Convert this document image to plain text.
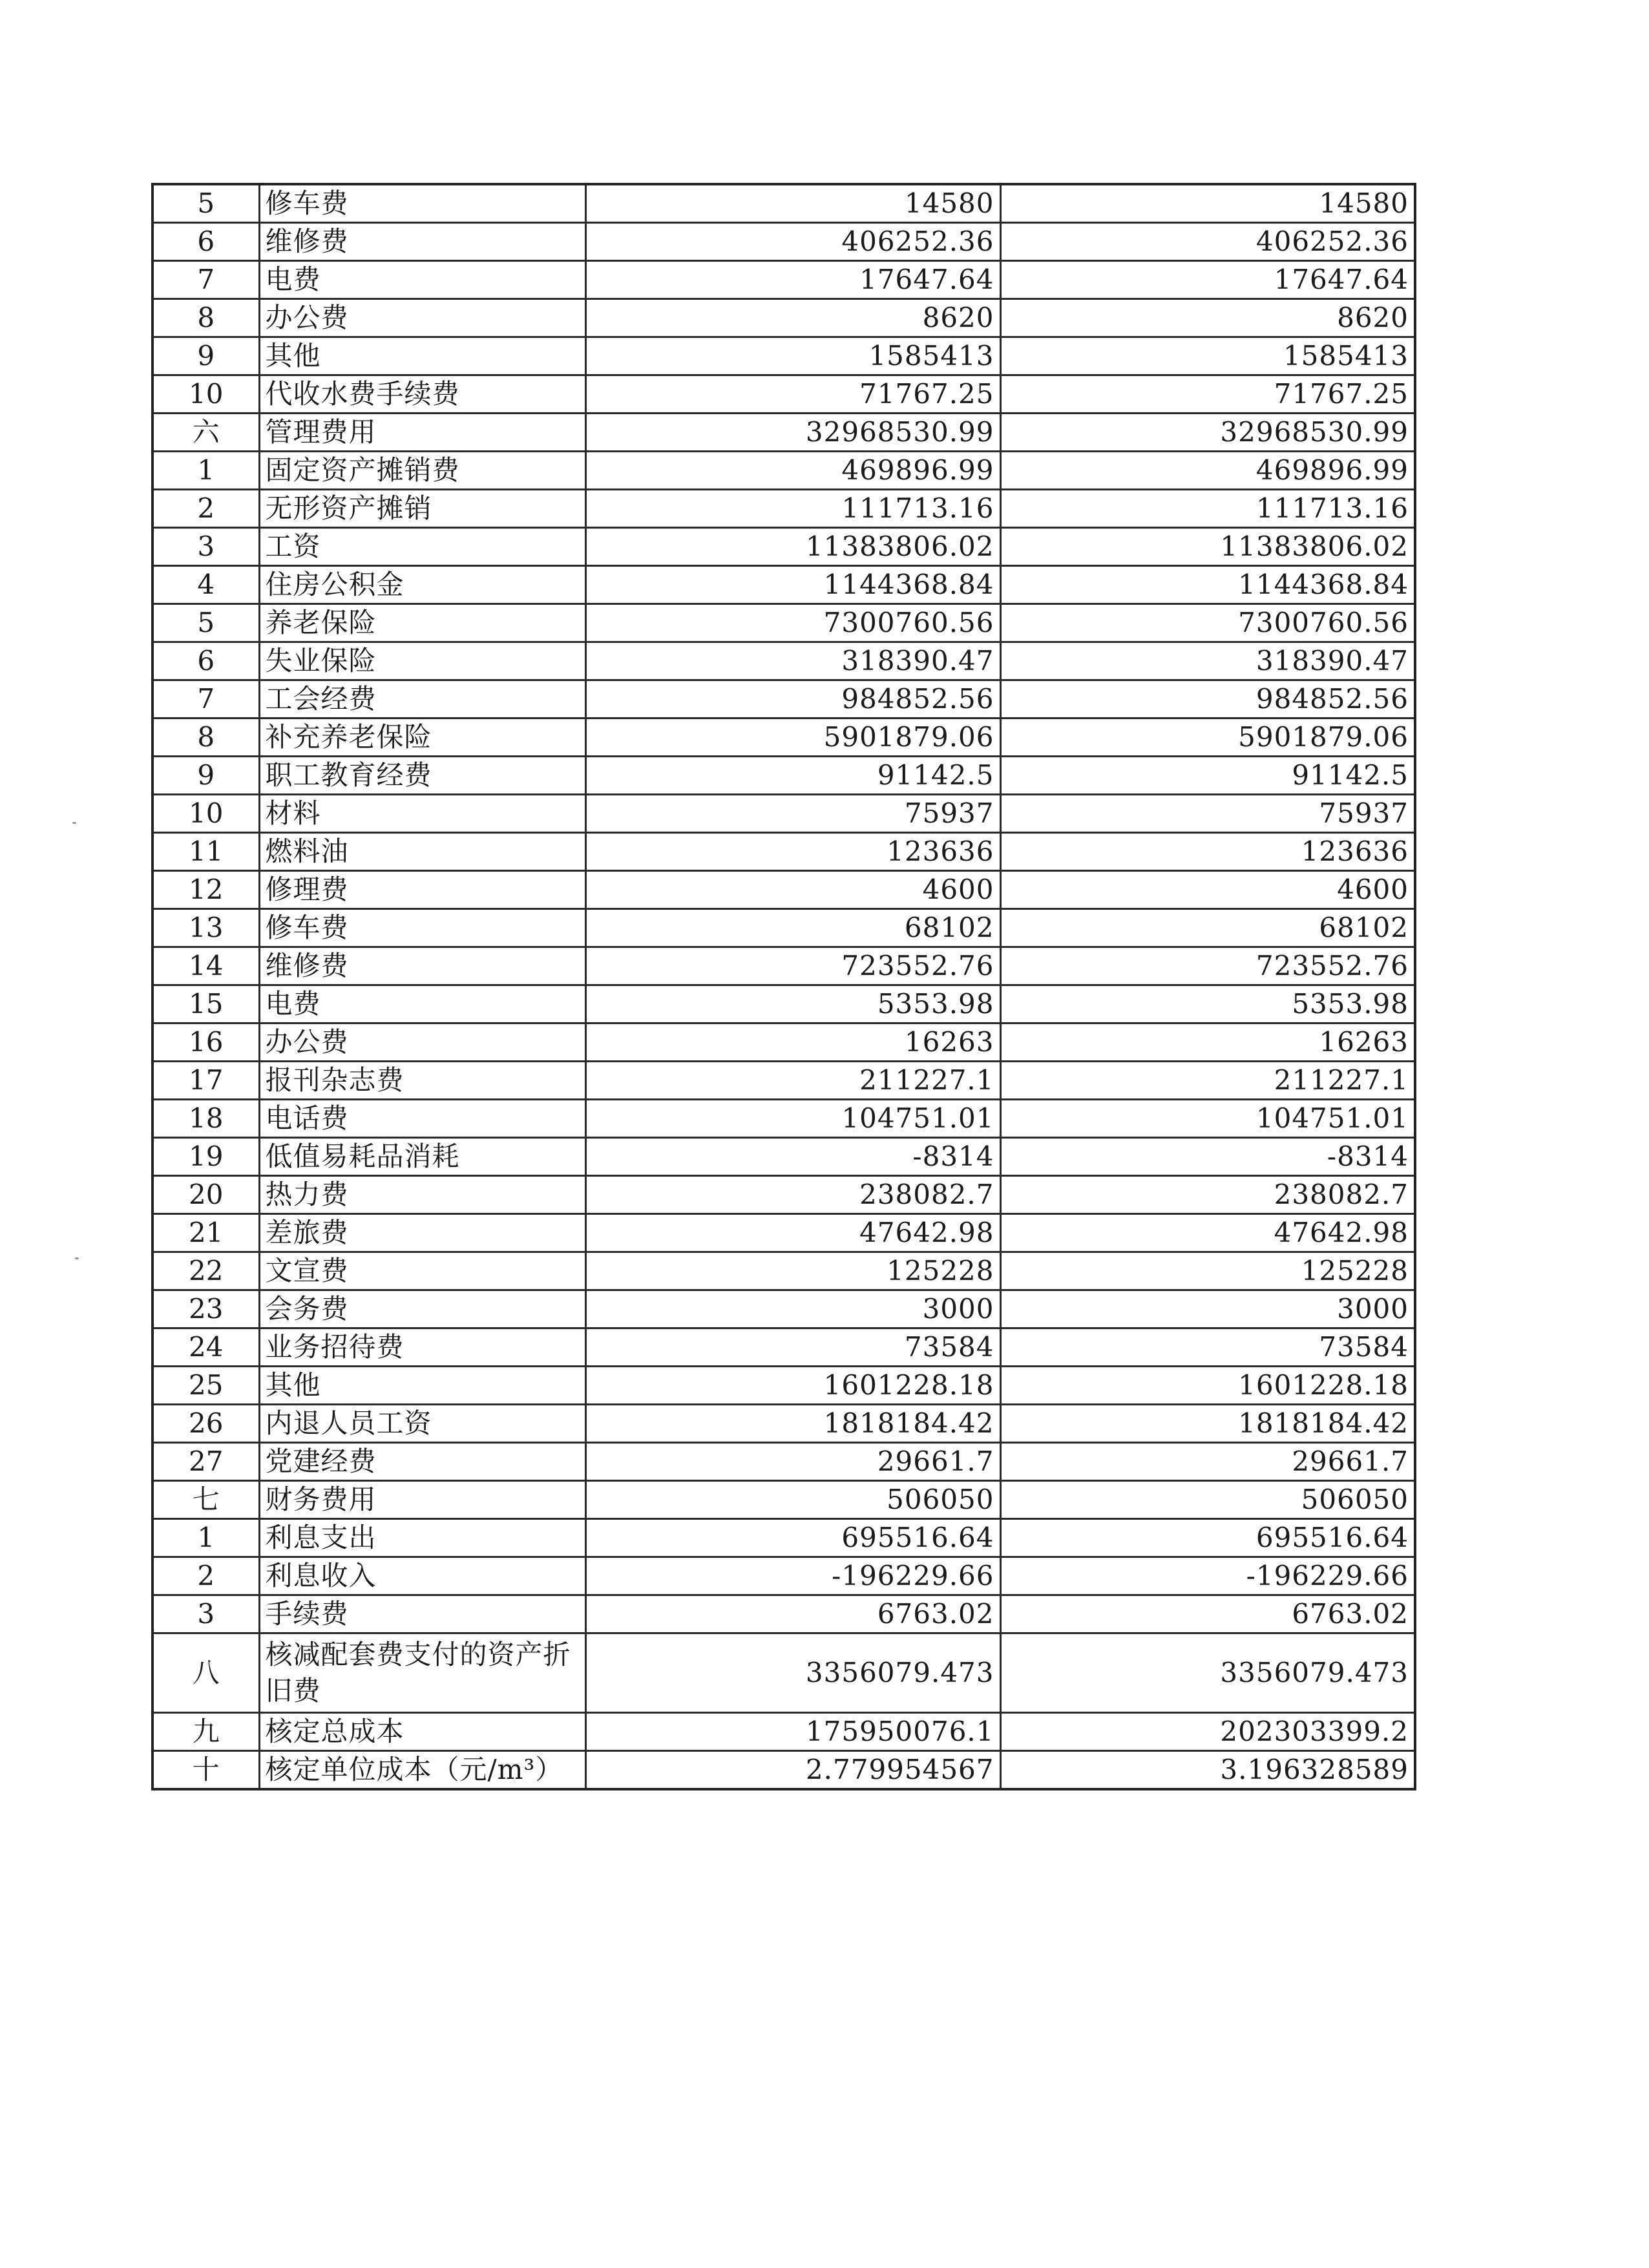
5	修车费	14580	14580
6	维修费	406252.36	406252.36
7	电费	17647.64	17647.64
8	办公费	8620	8620
9	其他	1585413	1585413
10	代收水费手续费	71767.25	71767.25
六	管理费用	32968530.99	32968530.99
1	固定资产摊销费	469896.99	469896.99
2	无形资产摊销	111713.16	111713.16
3	工资	11383806.02	11383806.02
4	住房公积金	1144368.84	1144368.84
5	养老保险	7300760.56	7300760.56
6	失业保险	318390.47	318390.47
7	工会经费	984852.56	984852.56
8	补充养老保险	5901879.06	5901879.06
9	职工教育经费	91142.5	91142.5
10	材料	75937	75937
11	燃料油	123636	123636
12	修理费	4600	4600
13	修车费	68102	68102
14	维修费	723552.76	723552.76
15	电费	5353.98	5353.98
16	办公费	16263	16263
17	报刊杂志费	211227.1	211227.1
18	电话费	104751.01	104751.01
19	低值易耗品消耗	-8314	-8314
20	热力费	238082.7	238082.7
21	差旅费	47642.98	47642.98
22	文宣费	125228	125228
23	会务费	3000	3000
24	业务招待费	73584	73584
25	其他	1601228.18	1601228.18
26	内退人员工资	1818184.42	1818184.42
27	党建经费	29661.7	29661.7
七	财务费用	506050	506050
1	利息支出	695516.64	695516.64
2	利息收入	-196229.66	-196229.66
3	手续费	6763.02	6763.02
八	核减配套费支付的资产折旧费	3356079.473	3356079.473
九	核定总成本	175950076.1	202303399.2
十	核定单位成本（元/m³）	2.779954567	3.196328589
